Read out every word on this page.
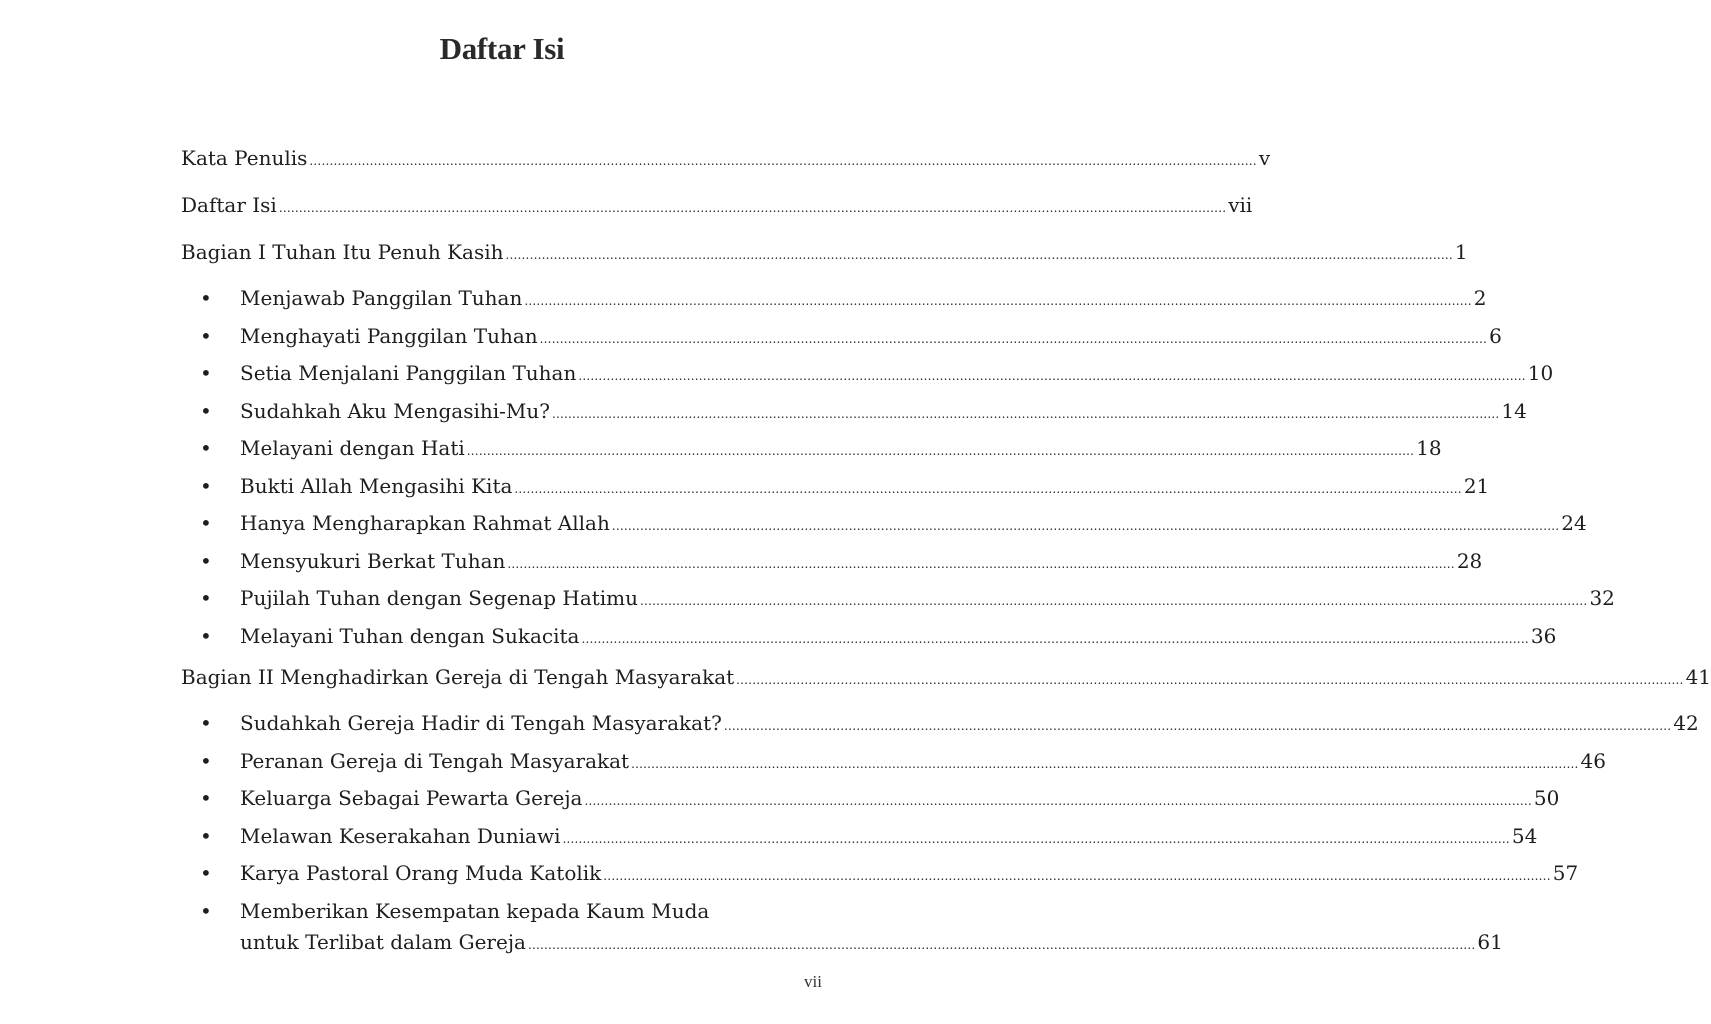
Daftar Isi
Kata Penulis ............................................................................................................................................................................................................................................ v
Daftar Isi ............................................................................................................................................................................................................................................ vii
Bagian I Tuhan Itu Penuh Kasih ............................................................................................................................................................................................................................................ 1
• Menjawab Panggilan Tuhan ............................................................................................................................................................................................................................................ 2
• Menghayati Panggilan Tuhan ............................................................................................................................................................................................................................................ 6
• Setia Menjalani Panggilan Tuhan ............................................................................................................................................................................................................................................ 10
• Sudahkah Aku Mengasihi-Mu? ............................................................................................................................................................................................................................................ 14
• Melayani dengan Hati ............................................................................................................................................................................................................................................ 18
• Bukti Allah Mengasihi Kita ............................................................................................................................................................................................................................................ 21
• Hanya Mengharapkan Rahmat Allah ............................................................................................................................................................................................................................................ 24
• Mensyukuri Berkat Tuhan ............................................................................................................................................................................................................................................ 28
• Pujilah Tuhan dengan Segenap Hatimu ............................................................................................................................................................................................................................................ 32
• Melayani Tuhan dengan Sukacita ............................................................................................................................................................................................................................................ 36
Bagian II Menghadirkan Gereja di Tengah Masyarakat ............................................................................................................................................................................................................................................ 41
• Sudahkah Gereja Hadir di Tengah Masyarakat? ............................................................................................................................................................................................................................................ 42
• Peranan Gereja di Tengah Masyarakat ............................................................................................................................................................................................................................................ 46
• Keluarga Sebagai Pewarta Gereja ............................................................................................................................................................................................................................................ 50
• Melawan Keserakahan Duniawi ............................................................................................................................................................................................................................................ 54
• Karya Pastoral Orang Muda Katolik ............................................................................................................................................................................................................................................ 57
• Memberikan Kesempatan kepada Kaum Muda
untuk Terlibat dalam Gereja ............................................................................................................................................................................................................................................ 61
vii
